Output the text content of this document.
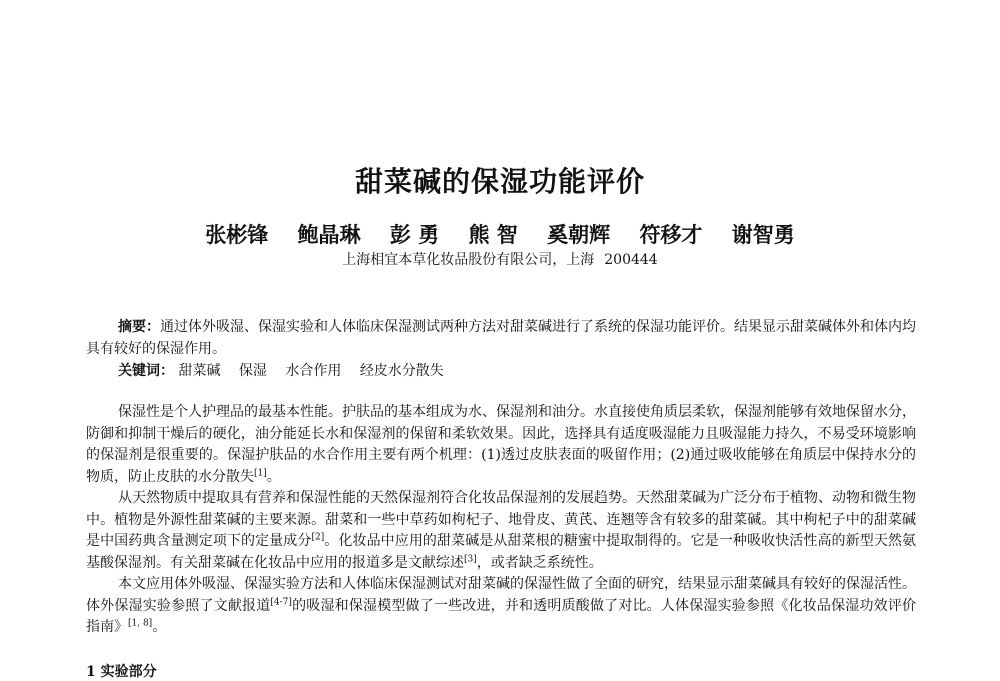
甜菜碱的保湿功能评价
张彬锋 鲍晶琳 彭 勇 熊 智 奚朝辉 符移才 谢智勇
上海相宜本草化妆品股份有限公司，上海 200444
摘要：通过体外吸湿、保湿实验和人体临床保湿测试两种方法对甜菜碱进行了系统的保湿功能评价。结果显示甜菜碱体外和体内均具有较好的保湿作用。
关键词： 甜菜碱 保湿 水合作用 经皮水分散失

保湿性是个人护理品的最基本性能。护肤品的基本组成为水、保湿剂和油分。水直接使角质层柔软，保湿剂能够有效地保留水分，防御和抑制干燥后的硬化，油分能延长水和保湿剂的保留和柔软效果。因此，选择具有适度吸湿能力且吸湿能力持久，不易受环境影响的保湿剂是很重要的。保湿护肤品的水合作用主要有两个机理：(1)透过皮肤表面的吸留作用；(2)通过吸收能够在角质层中保持水分的物质，防止皮肤的水分散失[1]。

从天然物质中提取具有营养和保湿性能的天然保湿剂符合化妆品保湿剂的发展趋势。天然甜菜碱为广泛分布于植物、动物和微生物中。植物是外源性甜菜碱的主要来源。甜菜和一些中草药如枸杞子、地骨皮、黄芪、连翘等含有较多的甜菜碱。其中枸杞子中的甜菜碱是中国药典含量测定项下的定量成分[2]。化妆品中应用的甜菜碱是从甜菜根的糖蜜中提取制得的。它是一种吸收快活性高的新型天然氨基酸保湿剂。有关甜菜碱在化妆品中应用的报道多是文献综述[3]，或者缺乏系统性。

本文应用体外吸湿、保湿实验方法和人体临床保湿测试对甜菜碱的保湿性做了全面的研究，结果显示甜菜碱具有较好的保湿活性。体外保湿实验参照了文献报道[4-7]的吸湿和保湿模型做了一些改进，并和透明质酸做了对比。人体保湿实验参照《化妆品保湿功效评价指南》[1, 8]。

1 实验部分
